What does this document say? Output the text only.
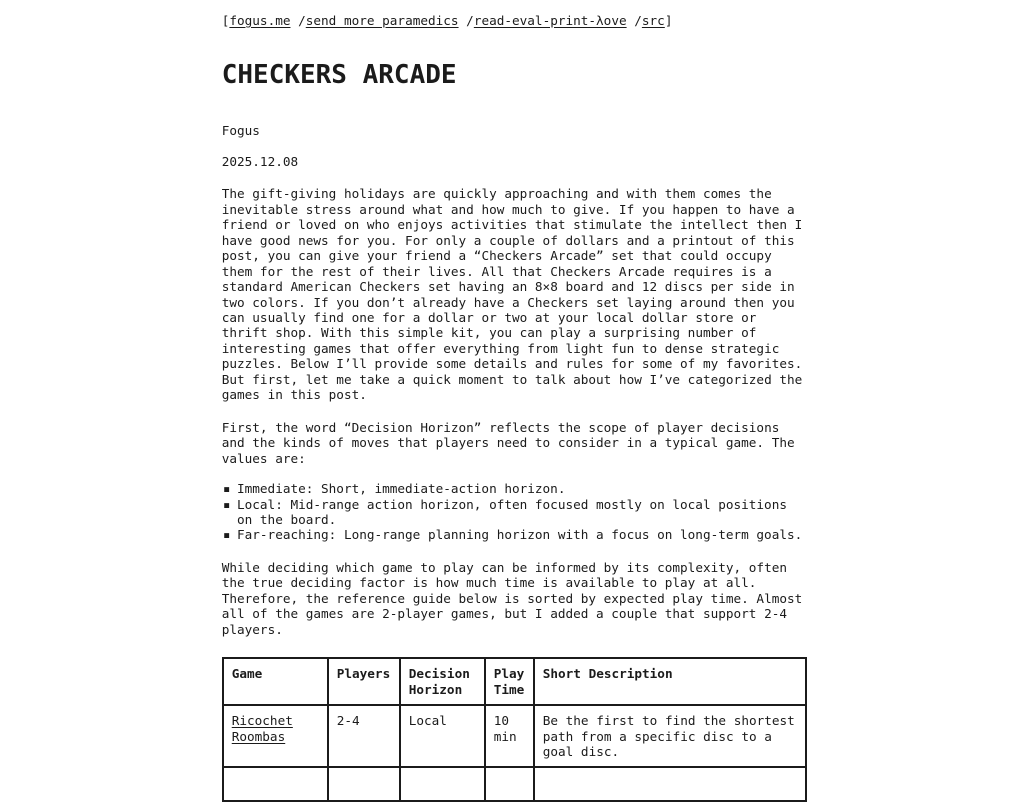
[fogus.me /send more paramedics /read-eval-print-λove /src]
CHECKERS ARCADE

Fogus

2025.12.08

The gift-giving holidays are quickly approaching and with them comes the inevitable stress around what and how much to give. If you happen to have a friend or loved on who enjoys activities that stimulate the intellect then I have good news for you. For only a couple of dollars and a printout of this post, you can give your friend a “Checkers Arcade” set that could occupy them for the rest of their lives. All that Checkers Arcade requires is a standard American Checkers set having an 8×8 board and 12 discs per side in two colors. If you don’t already have a Checkers set laying around then you can usually find one for a dollar or two at your local dollar store or thrift shop. With this simple kit, you can play a surprising number of interesting games that offer everything from light fun to dense strategic puzzles. Below I’ll provide some details and rules for some of my favorites. But first, let me take a quick moment to talk about how I’ve categorized the games in this post.

First, the word “Decision Horizon” reflects the scope of player decisions and the kinds of moves that players need to consider in a typical game. The values are:

▪ Immediate: Short, immediate-action horizon.
▪ Local: Mid-range action horizon, often focused mostly on local positions on the board.
▪ Far-reaching: Long-range planning horizon with a focus on long-term goals.

While deciding which game to play can be informed by its complexity, often the true deciding factor is how much time is available to play at all. Therefore, the reference guide below is sorted by expected play time. Almost all of the games are 2-player games, but I added a couple that support 2-4 players.

Game	Players	Decision Horizon	Play Time	Short Description
Ricochet Roombas	2-4	Local	10 min	Be the first to find the shortest path from a specific disc to a goal disc.
